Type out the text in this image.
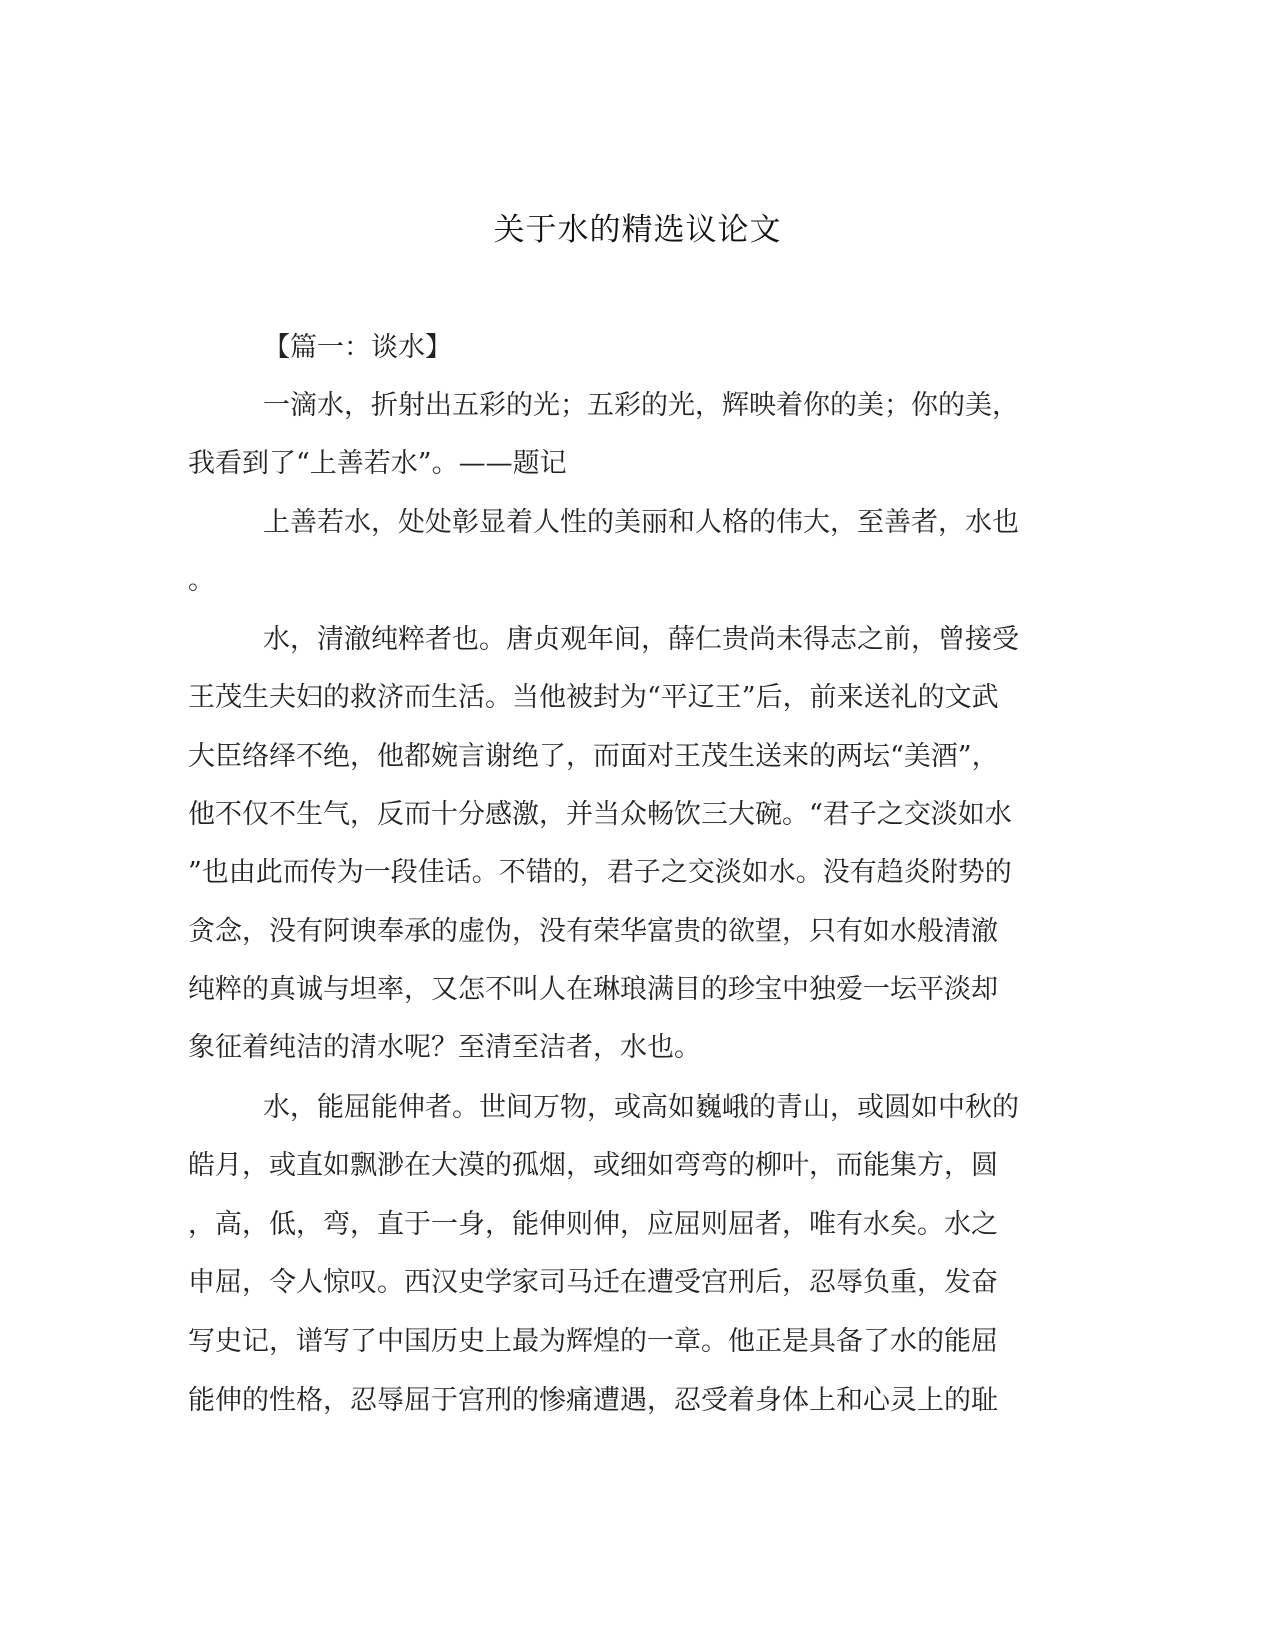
关于水的精选议论文
【篇一：谈水】
一滴水，折射出五彩的光；五彩的光，辉映着你的美；你的美，
我看到了“上善若水”。——题记
上善若水，处处彰显着人性的美丽和人格的伟大，至善者，水也
。
水，清澈纯粹者也。唐贞观年间，薛仁贵尚未得志之前，曾接受
王茂生夫妇的救济而生活。当他被封为“平辽王”后，前来送礼的文武
大臣络绎不绝，他都婉言谢绝了，而面对王茂生送来的两坛“美酒”，
他不仅不生气，反而十分感激，并当众畅饮三大碗。“君子之交淡如水
”也由此而传为一段佳话。不错的，君子之交淡如水。没有趋炎附势的
贪念，没有阿谀奉承的虚伪，没有荣华富贵的欲望，只有如水般清澈
纯粹的真诚与坦率，又怎不叫人在琳琅满目的珍宝中独爱一坛平淡却
象征着纯洁的清水呢？至清至洁者，水也。
水，能屈能伸者。世间万物，或高如巍峨的青山，或圆如中秋的
皓月，或直如飘渺在大漠的孤烟，或细如弯弯的柳叶，而能集方，圆
，高，低，弯，直于一身，能伸则伸，应屈则屈者，唯有水矣。水之
申屈，令人惊叹。西汉史学家司马迁在遭受宫刑后，忍辱负重，发奋
写史记，谱写了中国历史上最为辉煌的一章。他正是具备了水的能屈
能伸的性格，忍辱屈于宫刑的惨痛遭遇，忍受着身体上和心灵上的耻
